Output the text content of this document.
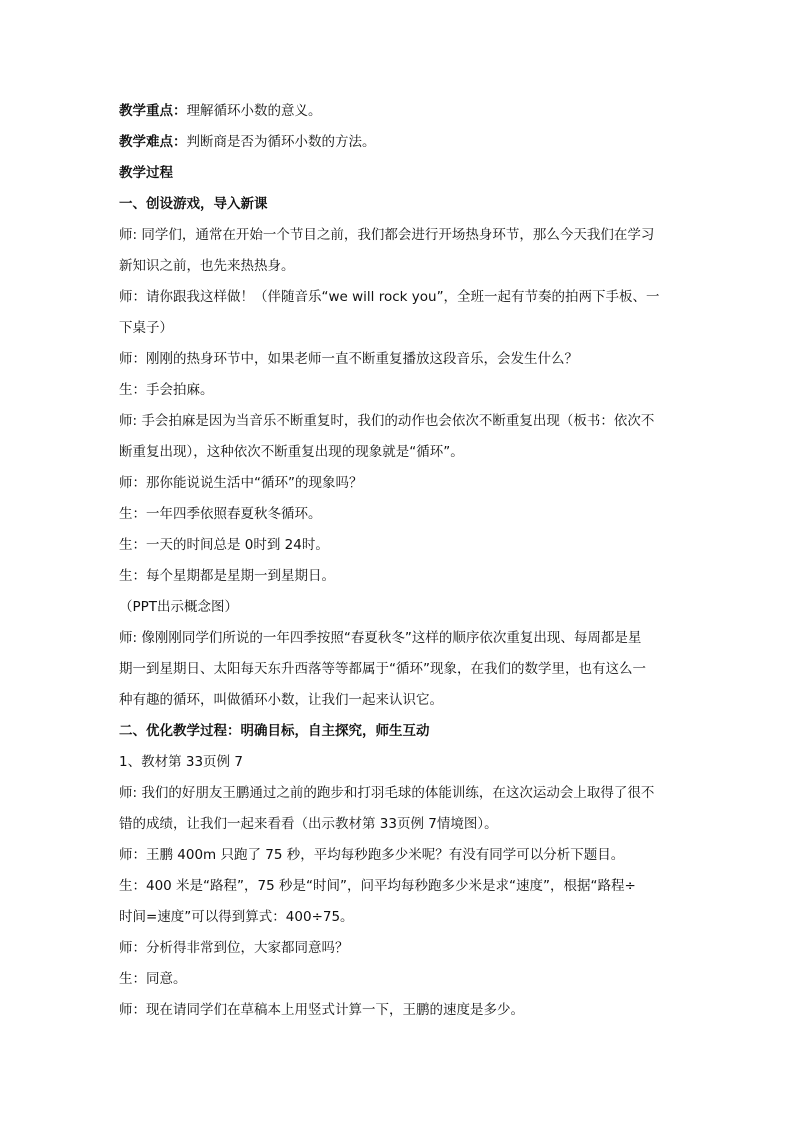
教学重点：理解循环小数的意义。

教学难点：判断商是否为循环小数的方法。

教学过程

一、创设游戏，导入新课

师: 同学们，通常在开始一个节目之前，我们都会进行开场热身环节，那么今天我们在学习
新知识之前，也先来热热身。

师：请你跟我这样做！（伴随音乐“we will rock you”，全班一起有节奏的拍两下手板、一
下桌子）

师：刚刚的热身环节中，如果老师一直不断重复播放这段音乐，会发生什么？

生：手会拍麻。

师: 手会拍麻是因为当音乐不断重复时，我们的动作也会依次不断重复出现（板书：依次不
断重复出现），这种依次不断重复出现的现象就是“循环”。

师：那你能说说生活中“循环”的现象吗？

生：一年四季依照春夏秋冬循环。

生：一天的时间总是 0时到 24时。

生：每个星期都是星期一到星期日。

（PPT出示概念图）

师: 像刚刚同学们所说的一年四季按照“春夏秋冬”这样的顺序依次重复出现、每周都是星
期一到星期日、太阳每天东升西落等等都属于“循环”现象，在我们的数学里，也有这么一
种有趣的循环，叫做循环小数，让我们一起来认识它。

二、优化教学过程：明确目标，自主探究，师生互动

1、教材第 33页例 7

师: 我们的好朋友王鹏通过之前的跑步和打羽毛球的体能训练，在这次运动会上取得了很不
错的成绩，让我们一起来看看（出示教材第 33页例 7情境图）。

师：王鹏 400m 只跑了 75 秒，平均每秒跑多少米呢？有没有同学可以分析下题目。

生：400 米是“路程”，75 秒是“时间”，问平均每秒跑多少米是求“速度”，根据“路程÷
时间=速度”可以得到算式：400÷75。

师：分析得非常到位，大家都同意吗？

生：同意。

师：现在请同学们在草稿本上用竖式计算一下，王鹏的速度是多少。
